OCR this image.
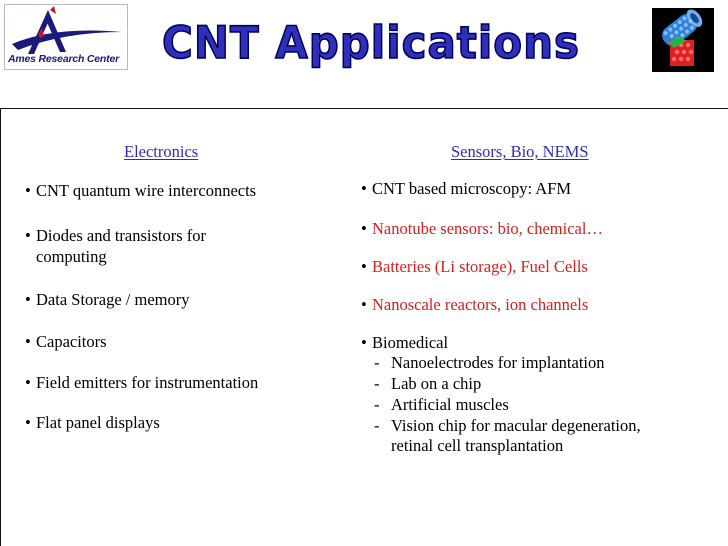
Ames Research Center CNT Applications
Electronics	Sensors, Bio, NEMS
• CNT quantum wire interconnects
• Diodes and transistors for
computing
• Data Storage / memory
• Capacitors
• Field emitters for instrumentation
• Flat panel displays
• CNT based microscopy: AFM
• Nanotube sensors: bio, chemical…
• Batteries (Li storage), Fuel Cells
• Nanoscale reactors, ion channels
• Biomedical
- Nanoelectrodes for implantation
- Lab on a chip
- Artificial muscles
- Vision chip for macular degeneration,
retinal cell transplantation
